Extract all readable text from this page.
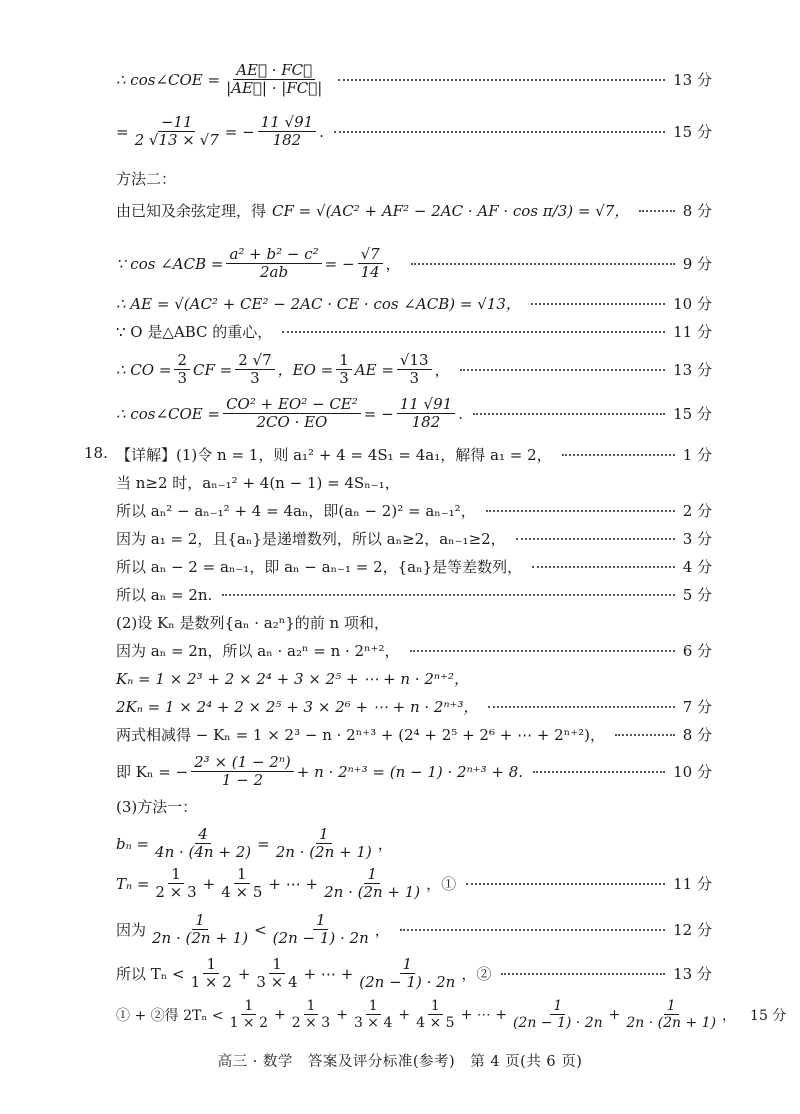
∴ cos∠COE = $\frac{AE⃗ \cdot FC⃗}{|AE⃗| \cdot |FC⃗|}$	13 分
= $\frac{-11}{2 √13 \times √7}$ = − $\frac{11 √91}{182}$ .	15 分
方法二：
由已知及余弦定理，得 CF = √(AC² + AF² − 2AC · AF · cos π/3) = √7，	8 分
∵ cos ∠ACB = $\frac{\text{a² + b² − c²}}{2ab}$ = − $\frac{√7}{14}$ ，	9 分
∴ AE = √(AC² + CE² − 2AC · CE · cos ∠ACB) = √13，	10 分
∵ O 是△ABC 的重心，	11 分
∴ CO = $\frac{2}{3}$ CF = $\frac{2 √7}{3}$ ，EO = $\frac{1}{3}$ AE = $\frac{√13}{3}$ ，	13 分
∴ cos∠COE = $\frac{\text{CO² + EO² − CE²}}{2CO \cdot EO}$ = − $\frac{11 √91}{182}$ .	15 分
18. 【详解】(1)令 n = 1，则 a₁² + 4 = 4S₁ = 4a₁，解得 a₁ = 2，	1 分
当 n≥2 时，aₙ₋₁² + 4(n − 1) = 4Sₙ₋₁，
所以 aₙ² − aₙ₋₁² + 4 = 4aₙ，即(aₙ − 2)² = aₙ₋₁²，	2 分
因为 a₁ = 2，且{aₙ}是递增数列，所以 aₙ≥2，aₙ₋₁≥2，	3 分
所以 aₙ − 2 = aₙ₋₁，即 aₙ − aₙ₋₁ = 2，{aₙ}是等差数列，	4 分
所以 aₙ = 2n.	5 分
(2)设 Kₙ 是数列{aₙ · a₂ⁿ}的前 n 项和，
因为 aₙ = 2n，所以 aₙ · a₂ⁿ = n · 2ⁿ⁺²，	6 分
Kₙ = 1 × 2³ + 2 × 2⁴ + 3 × 2⁵ + ⋯ + n · 2ⁿ⁺²，
2Kₙ = 1 × 2⁴ + 2 × 2⁵ + 3 × 2⁶ + ⋯ + n · 2ⁿ⁺³，	7 分
两式相减得 − Kₙ = 1 × 2³ − n · 2ⁿ⁺³ + (2⁴ + 2⁵ + 2⁶ + ⋯ + 2ⁿ⁺²)，	8 分
即 Kₙ = − $\frac{\text{2³ × (1 − 2ⁿ)}}{1 - 2} + n \cdot 2^{n+3} = (n - 1) \cdot 2^{n+3} + 8$.	10 分
(3)方法一：
$b_n = \frac{4}{4n \cdot (4n + 2)} = \frac{1}{2n \cdot (2n + 1)}$ ，
$T_n = \frac{1}{2 \times 3} + \frac{1}{4 \times 5}$ + ⋯ + $\frac{1}{2n \cdot (2n + 1)}$ ，①	11 分
因为 $\frac{1}{2n \cdot (2n + 1)} < \frac{1}{(2n - 1) \cdot 2n}$ ，	12 分
所以 $T_n < \frac{1}{1 \times 2} + \frac{1}{3 \times 4}$ + ⋯ + $\frac{1}{(2n - 1) \cdot 2n}$ ，②	13 分
① + ②得 $2T_n < \frac{1}{1 \times 2} + \frac{1}{2 \times 3} + \frac{1}{3 \times 4} + \frac{1}{4 \times 5}$ + ⋯ + $\frac{1}{(2n - 1) \cdot 2n} + \frac{1}{2n \cdot (2n + 1)}$ ， 15 分
高三 · 数学　答案及评分标准(参考)　第 4 页(共 6 页)
